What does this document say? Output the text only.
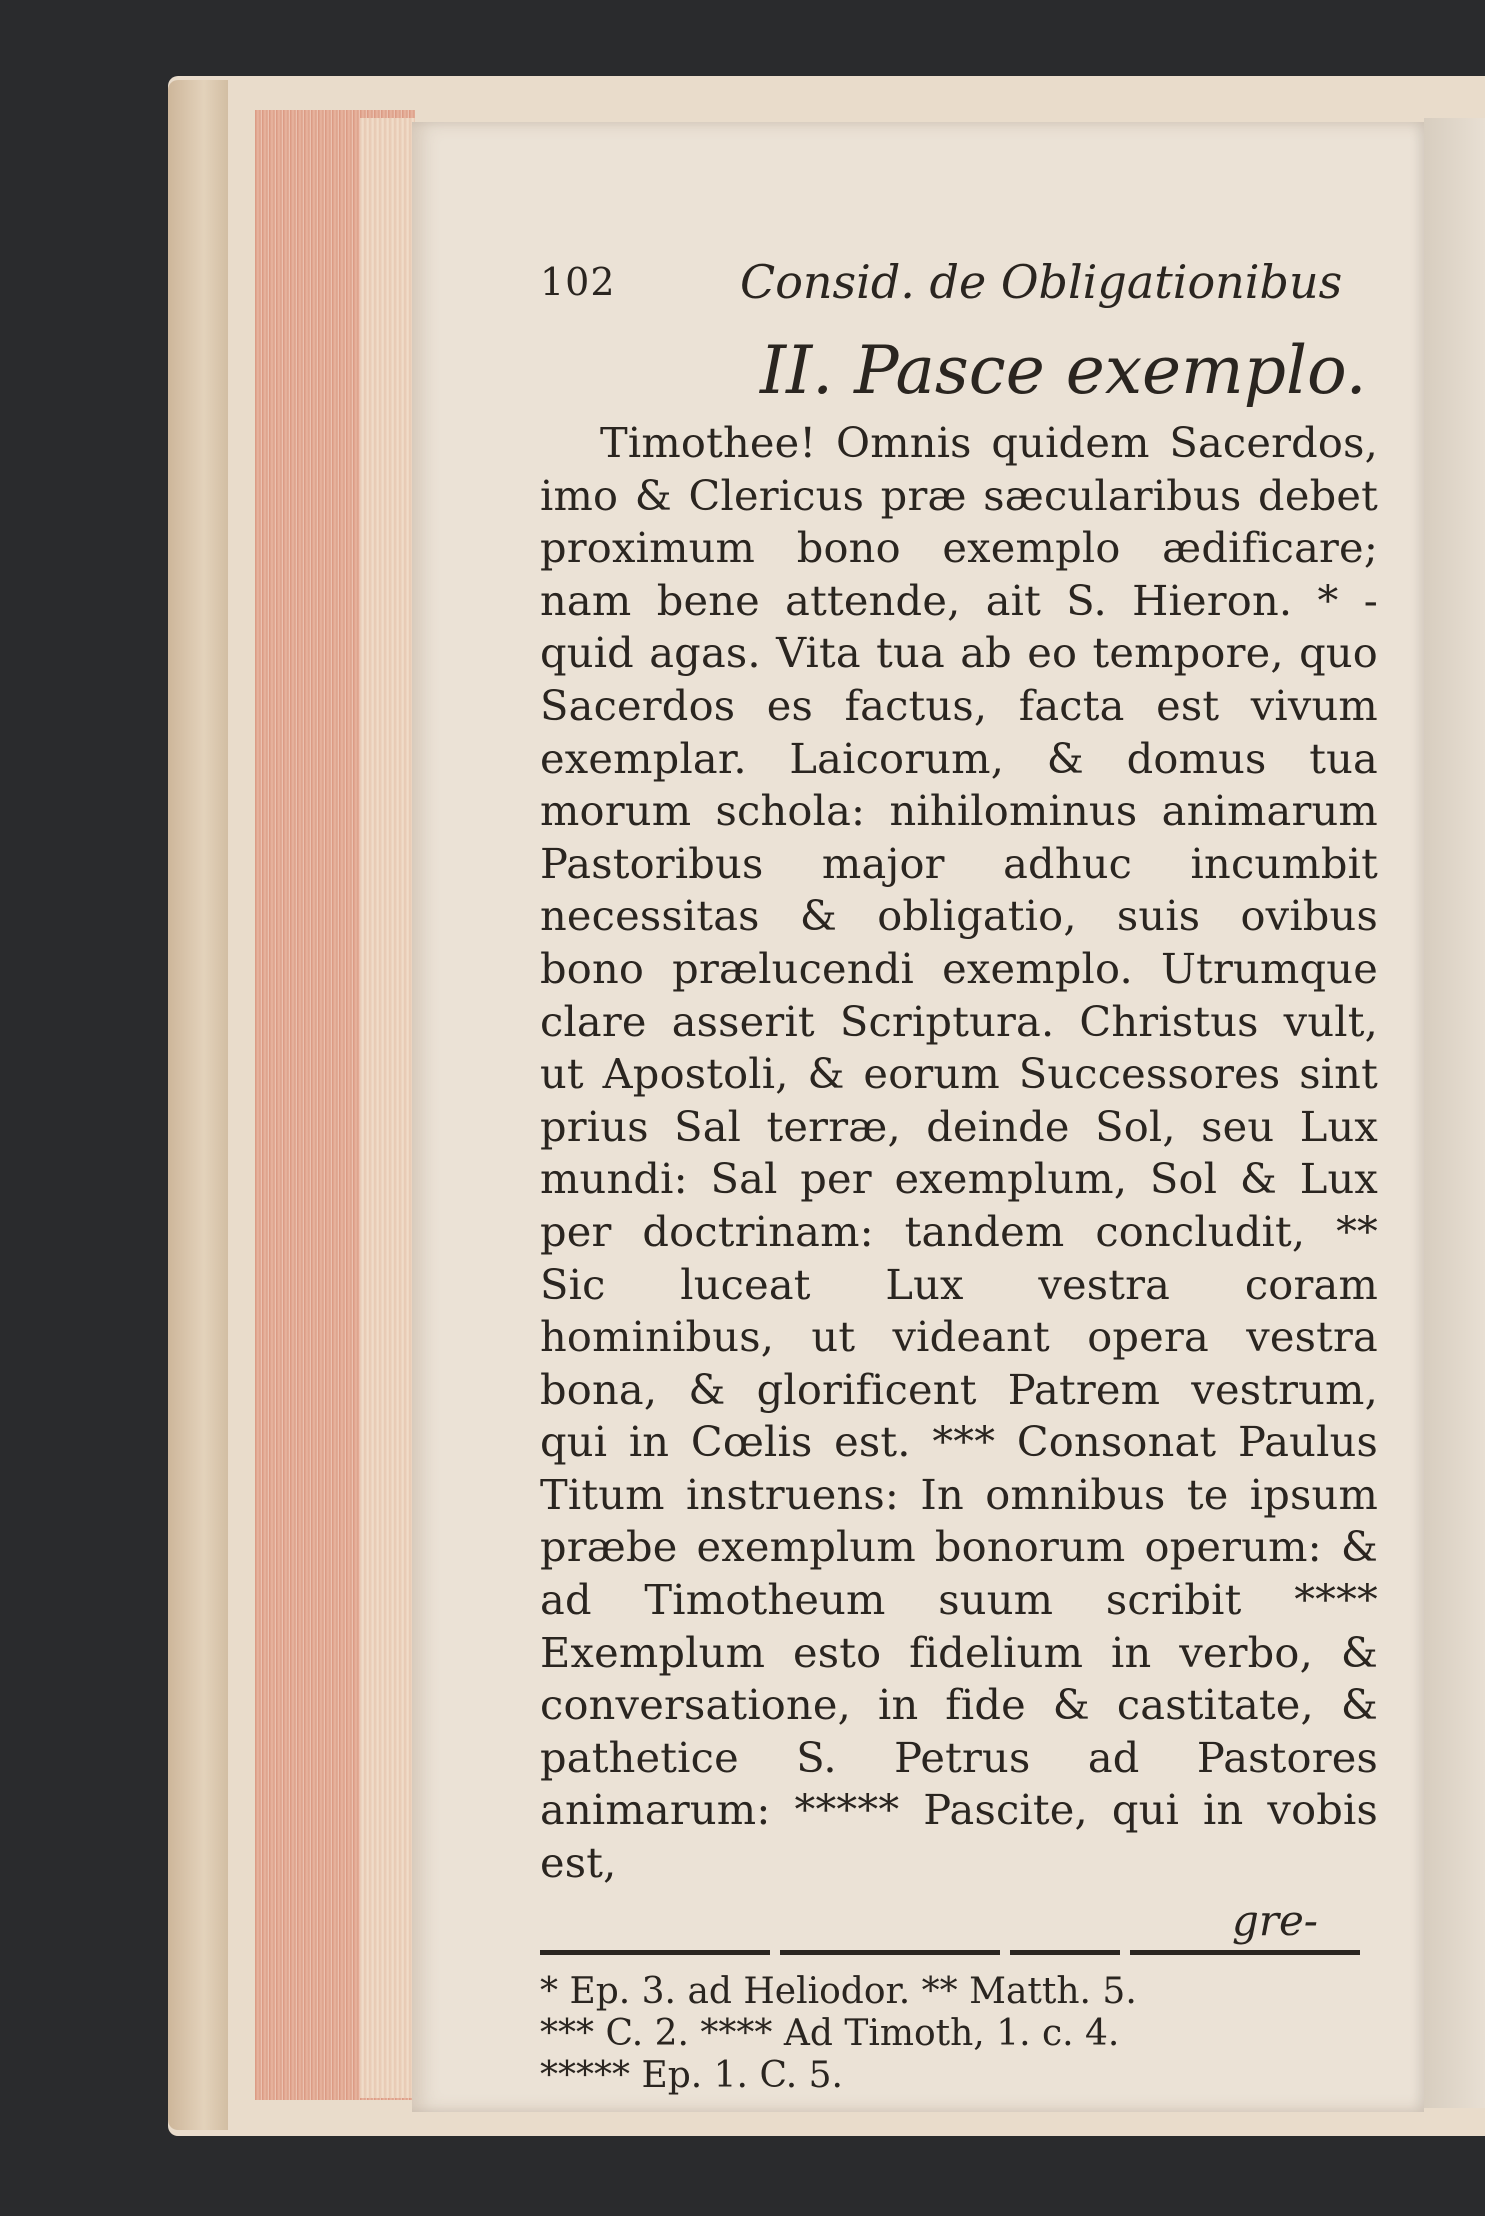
102	Consid. de Obligationibus
II. Pasce exemplo.

Timothee! Omnis quidem Sacerdos, imo & Clericus præ sæcularibus debet proximum bono exemplo ædificare; nam bene attende, ait S. Hieron. * - quid agas. Vita tua ab eo tempore, quo Sacerdos es factus, facta est vivum exemplar. Laicorum, & domus tua morum schola: nihilominus animarum Pastoribus major adhuc incumbit necessitas & obligatio, suis ovibus bono prælucendi exemplo. Utrumque clare asserit Scriptura. Christus vult, ut Apostoli, & eorum Successores sint prius Sal terræ, deinde Sol, seu Lux mundi: Sal per exemplum, Sol & Lux per doctrinam: tandem concludit, ** Sic luceat Lux vestra coram hominibus, ut videant opera vestra bona, & glorificent Patrem vestrum, qui in Cœlis est. *** Consonat Paulus Titum instruens: In omnibus te ipsum præbe exemplum bonorum operum: & ad Timotheum suum scribit **** Exemplum esto fidelium in verbo, & conversatione, in fide & castitate, & pathetice S. Petrus ad Pastores animarum: ***** Pascite, qui in vobis est,

gre-
* Ep. 3. ad Heliodor. ** Matth. 5.
*** C. 2. **** Ad Timoth, 1. c. 4.
***** Ep. 1. C. 5.
